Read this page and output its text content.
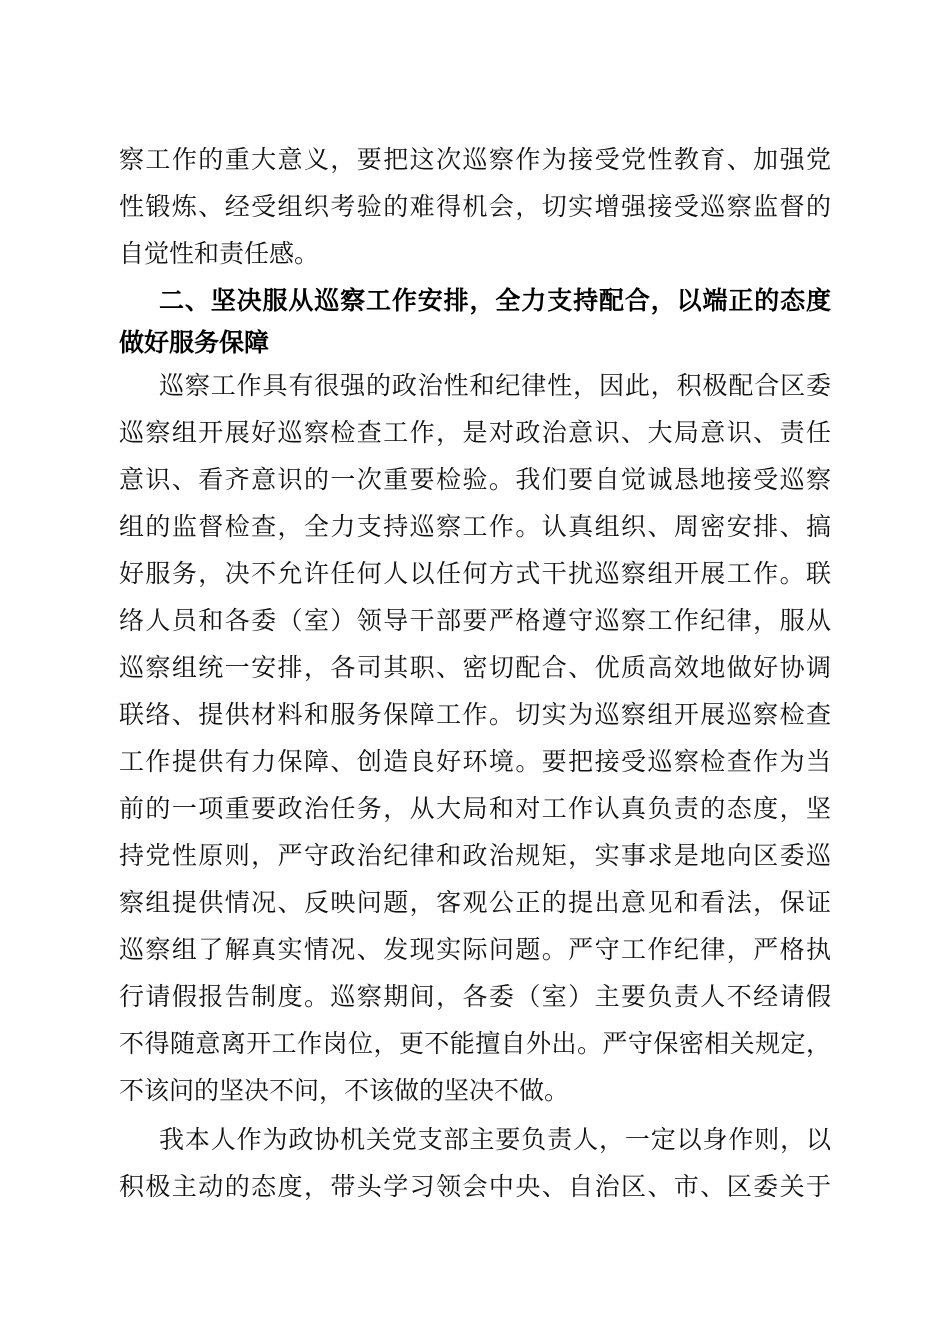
察工作的重大意义，要把这次巡察作为接受党性教育、加强党
性锻炼、经受组织考验的难得机会，切实增强接受巡察监督的
自觉性和责任感。
二、坚决服从巡察工作安排，全力支持配合，以端正的态度
做好服务保障
巡察工作具有很强的政治性和纪律性，因此，积极配合区委
巡察组开展好巡察检查工作，是对政治意识、大局意识、责任
意识、看齐意识的一次重要检验。我们要自觉诚恳地接受巡察
组的监督检查，全力支持巡察工作。认真组织、周密安排、搞
好服务，决不允许任何人以任何方式干扰巡察组开展工作。联
络人员和各委（室）领导干部要严格遵守巡察工作纪律，服从
巡察组统一安排，各司其职、密切配合、优质高效地做好协调
联络、提供材料和服务保障工作。切实为巡察组开展巡察检查
工作提供有力保障、创造良好环境。要把接受巡察检查作为当
前的一项重要政治任务，从大局和对工作认真负责的态度，坚
持党性原则，严守政治纪律和政治规矩，实事求是地向区委巡
察组提供情况、反映问题，客观公正的提出意见和看法，保证
巡察组了解真实情况、发现实际问题。严守工作纪律，严格执
行请假报告制度。巡察期间，各委（室）主要负责人不经请假
不得随意离开工作岗位，更不能擅自外出。严守保密相关规定，
不该问的坚决不问，不该做的坚决不做。
我本人作为政协机关党支部主要负责人，一定以身作则，以
积极主动的态度，带头学习领会中央、自治区、市、区委关于
